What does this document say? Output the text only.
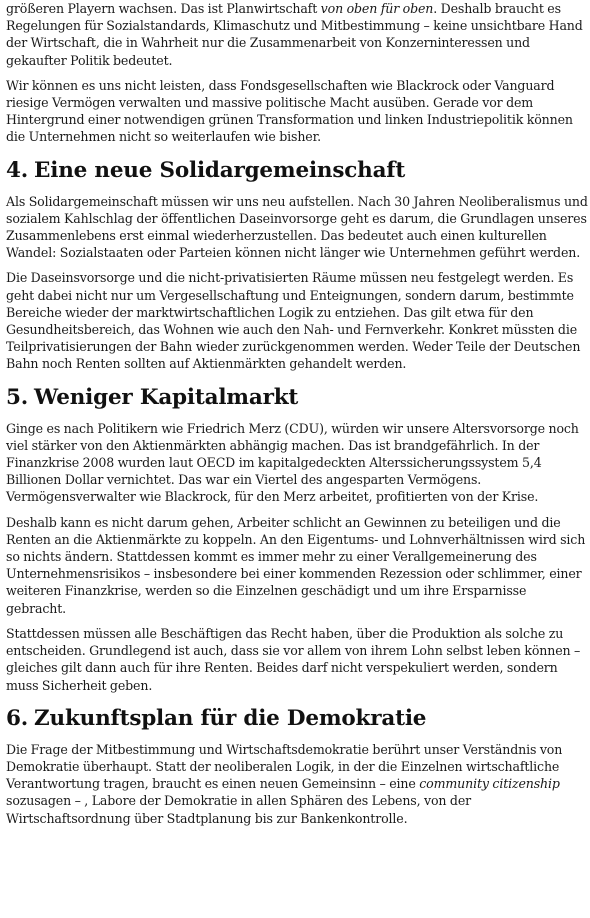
größeren Playern wachsen. Das ist Planwirtschaft von oben für oben. Deshalb braucht es Regelungen für Sozialstandards, Klimaschutz und Mitbestimmung – keine unsichtbare Hand der Wirtschaft, die in Wahrheit nur die Zusammenarbeit von Konzerninteressen und gekaufter Politik bedeutet.

Wir können es uns nicht leisten, dass Fondsgesellschaften wie Blackrock oder Vanguard riesige Vermögen verwalten und massive politische Macht ausüben. Gerade vor dem Hintergrund einer notwendigen grünen Transformation und linken Industriepolitik können die Unternehmen nicht so weiterlaufen wie bisher.

4. Eine neue Solidargemeinschaft

Als Solidargemeinschaft müssen wir uns neu aufstellen. Nach 30 Jahren Neoliberalismus und sozialem Kahlschlag der öffentlichen Daseinvorsorge geht es darum, die Grundlagen unseres Zusammenlebens erst einmal wiederherzustellen. Das bedeutet auch einen kulturellen Wandel: Sozialstaaten oder Parteien können nicht länger wie Unternehmen geführt werden.

Die Daseinsvorsorge und die nicht-privatisierten Räume müssen neu festgelegt werden. Es geht dabei nicht nur um Vergesellschaftung und Enteignungen, sondern darum, bestimmte Bereiche wieder der marktwirtschaftlichen Logik zu entziehen. Das gilt etwa für den Gesundheitsbereich, das Wohnen wie auch den Nah- und Fernverkehr. Konkret müssten die Teilprivatisierungen der Bahn wieder zurückgenommen werden. Weder Teile der Deutschen Bahn noch Renten sollten auf Aktienmärkten gehandelt werden.

5. Weniger Kapitalmarkt

Ginge es nach Politikern wie Friedrich Merz (CDU), würden wir unsere Altersvorsorge noch viel stärker von den Aktienmärkten abhängig machen. Das ist brandgefährlich. In der Finanzkrise 2008 wurden laut OECD im kapitalgedeckten Alterssicherungssystem 5,4 Billionen Dollar vernichtet. Das war ein Viertel des angesparten Vermögens. Vermögensverwalter wie Blackrock, für den Merz arbeitet, profitierten von der Krise.

Deshalb kann es nicht darum gehen, Arbeiter schlicht an Gewinnen zu beteiligen und die Renten an die Aktienmärkte zu koppeln. An den Eigentums- und Lohnverhältnissen wird sich so nichts ändern. Stattdessen kommt es immer mehr zu einer Verallgemeinerung des Unternehmensrisikos – insbesondere bei einer kommenden Rezession oder schlimmer, einer weiteren Finanzkrise, werden so die Einzelnen geschädigt und um ihre Ersparnisse gebracht.

Stattdessen müssen alle Beschäftigen das Recht haben, über die Produktion als solche zu entscheiden. Grundlegend ist auch, dass sie vor allem von ihrem Lohn selbst leben können – gleiches gilt dann auch für ihre Renten. Beides darf nicht verspekuliert werden, sondern muss Sicherheit geben.

6. Zukunftsplan für die Demokratie

Die Frage der Mitbestimmung und Wirtschaftsdemokratie berührt unser Verständnis von Demokratie überhaupt. Statt der neoliberalen Logik, in der die Einzelnen wirtschaftliche Verantwortung tragen, braucht es einen neuen Gemeinsinn – eine community citizenship sozusagen – , Labore der Demokratie in allen Sphären des Lebens, von der Wirtschaftsordnung über Stadtplanung bis zur Bankenkontrolle.
